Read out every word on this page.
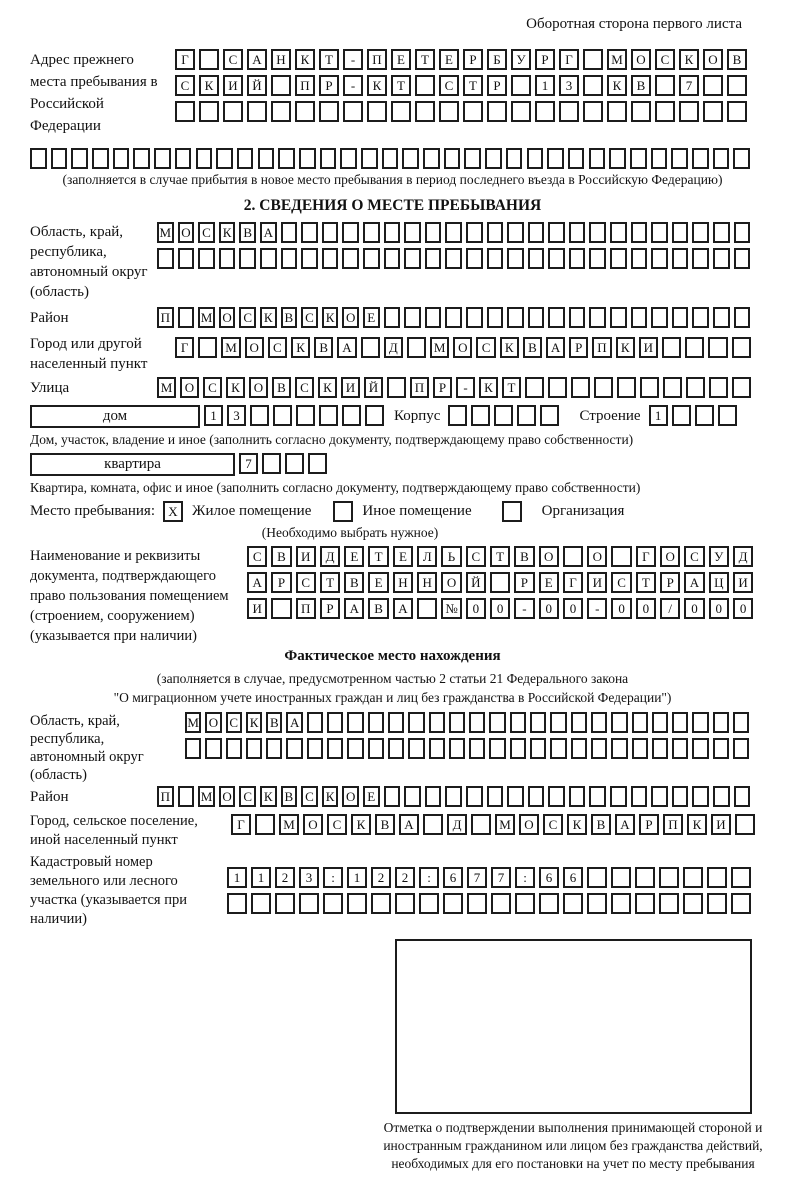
Оборотная сторона первого листа
Адрес прежнего места пребывания в Российской Федерации
Г	С	А	Н	К	Т	-	П	Е	Т	Е	Р	Б	У	Р	Г	М	О	С	К	О	В
С	К	И	Й	П	Р	-	К	Т	С	Т	Р	1	3	К	В	7
(заполняется в случае прибытия в новое место пребывания в период последнего въезда в Российскую Федерацию)
2. СВЕДЕНИЯ О МЕСТЕ ПРЕБЫВАНИЯ
Область, край, республика, автономный округ (область)
М О С К В А
Район	П М О С К В С К О Е
Город или другой населенный пункт
Г	М О	С	К	В	А	Д	М О	С	К	В	А	Р	П	К	И
Улица	М О	С	К	О	В	С	К	И	Й	П	Р	-	К	Т
дом	1	3	Корпус	Строение	1
Дом, участок, владение и иное (заполнить согласно документу, подтверждающему право собственности)
квартира	7
Квартира, комната, офис и иное (заполнить согласно документу, подтверждающему право собственности)
Место пребывания:	X Жилое помещение	Иное помещение	Организация
(Необходимо выбрать нужное)
Наименование и реквизиты документа, подтверждающего право пользования помещением (строением, сооружением) (указывается при наличии)
С	В	И	Д	Е	Т	Е	Л	Ь	С	Т	В	О	О	Г	О	С	У	Д
А	Р	С	Т	В	Е	Н	Н	О	Й	Р	Е	Г	И	С	Т	Р	А	Ц	И
И	П	Р	А	В	А	№	0	0	-	0	0	-	0	0	/	0	0	0
Фактическое место нахождения
(заполняется в случае, предусмотренном частью 2 статьи 21 Федерального закона
"О миграционном учете иностранных граждан и лиц без гражданства в Российской Федерации")
Область, край, республика, автономный округ (область)
М О С К В А
Район	П М О С К В С К О Е
Город, сельское поселение, иной населенный пункт
Г	М	О	С	К	В	А	Д	М	О	С	К	В	А	Р	П	К	И
Кадастровый номер земельного или лесного участка (указывается при наличии)
1	1	2	3	:	1	2	2	:	6	7	7	:	6	6
Отметка о подтверждении выполнения принимающей стороной и иностранным гражданином или лицом без гражданства действий, необходимых для его постановки на учет по месту пребывания
